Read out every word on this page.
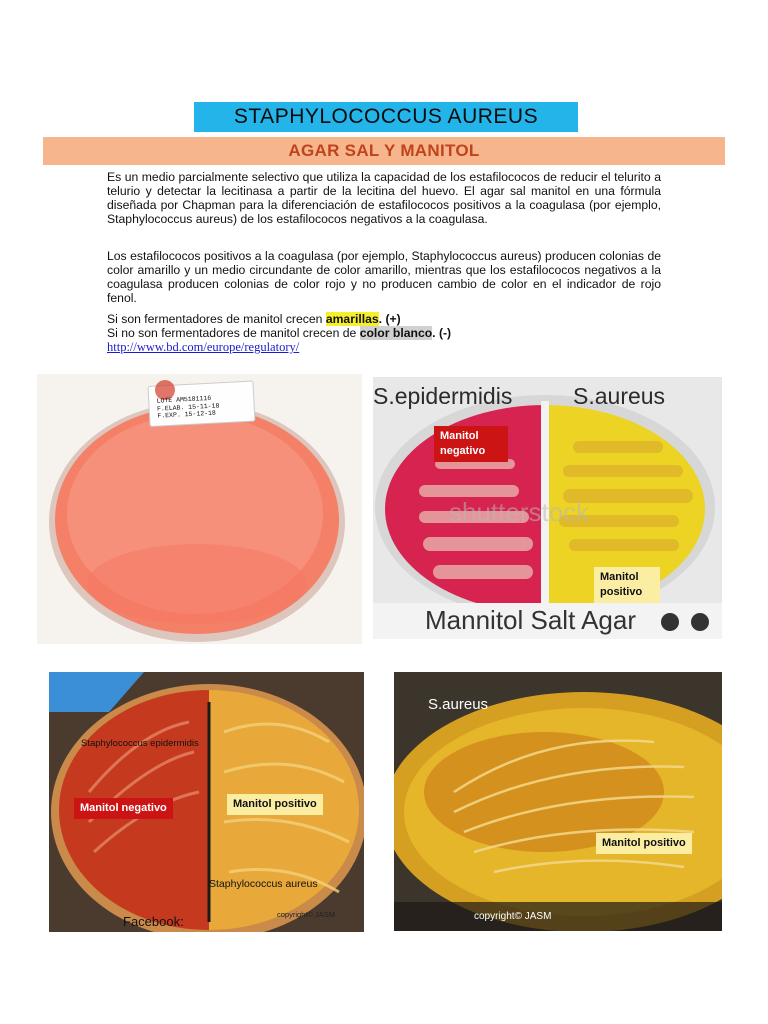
STAPHYLOCOCCUS AUREUS
AGAR SAL Y MANITOL
Es un medio parcialmente selectivo que utiliza la capacidad de los estafilococos de reducir el telurito a telurio y detectar la lecitinasa a partir de la lecitina del huevo. El agar sal manitol en una fórmula diseñada por Chapman para la diferenciación de estafilococos positivos a la coagulasa (por ejemplo, Staphylococcus aureus) de los estafilococos negativos a la coagulasa.
Los estafilococos positivos a la coagulasa (por ejemplo, Staphylococcus aureus) producen colonias de color amarillo y un medio circundante de color amarillo, mientras que los estafilococos negativos a la coagulasa producen colonias de color rojo y no producen cambio de color en el indicador de rojo fenol.
Si son fermentadores de manitol crecen amarillas. (+)
Si no son fermentadores de manitol crecen de color blanco. (-)
http://www.bd.com/europe/regulatory/
LOTE AM5181116
F.ELAB. 15-11-18
F.EXP. 15-12-18
S.epidermidis	S.aureus
shutterstock
Manitol negativo
Manitol positivo
Mannitol Salt Agar
Staphylococcus epidermidis
Manitol negativo	Manitol positivo
Staphylococcus aureus
Facebook:	copyright© JASM
S.aureus
Manitol positivo
copyright© JASM
